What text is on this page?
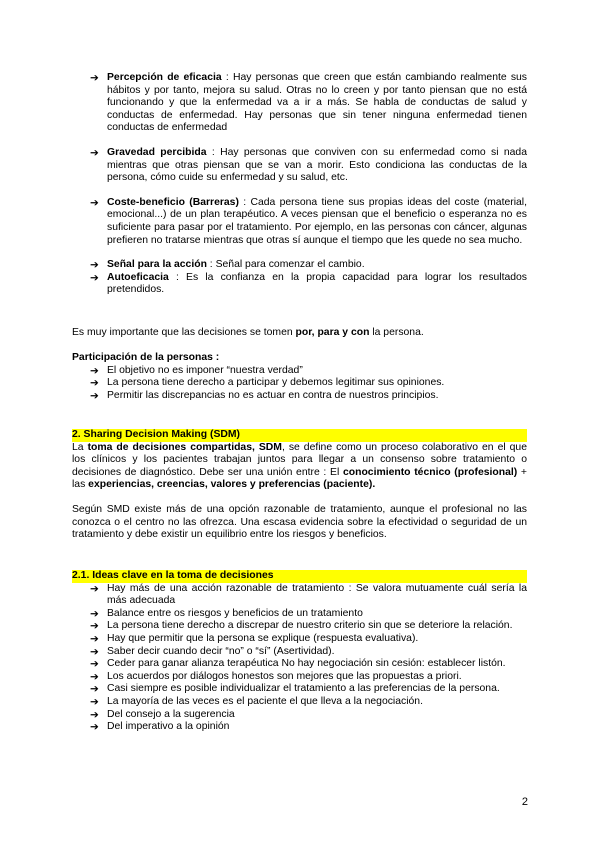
➔
Percepción de eficacia : Hay personas que creen que están cambiando realmente sus hábitos y por tanto, mejora su salud. Otras no lo creen y por tanto piensan que no está funcionando y que la enfermedad va a ir a más. Se habla de conductas de salud y conductas de enfermedad. Hay personas que sin tener ninguna enfermedad tienen conductas de enfermedad
➔
Gravedad percibida : Hay personas que conviven con su enfermedad como si nada mientras que otras piensan que se van a morir. Esto condiciona las conductas de la persona, cómo cuide su enfermedad y su salud, etc.
➔
Coste-beneficio (Barreras) : Cada persona tiene sus propias ideas del coste (material, emocional...) de un plan terapéutico. A veces piensan que el beneficio o esperanza no es suficiente para pasar por el tratamiento. Por ejemplo, en las personas con cáncer, algunas prefieren no tratarse mientras que otras sí aunque el tiempo que les quede no sea mucho.
➔
Señal para la acción : Señal para comenzar el cambio.
➔
Autoeficacia : Es la confianza en la propia capacidad para lograr los resultados pretendidos.
Es muy importante que las decisiones se tomen por, para y con la persona.
Participación de la personas :
➔
El objetivo no es imponer “nuestra verdad”
➔
La persona tiene derecho a participar y debemos legitimar sus opiniones.
➔
Permitir las discrepancias no es actuar en contra de nuestros principios.
2. Sharing Decision Making (SDM)
La toma de decisiones compartidas, SDM, se define como un proceso colaborativo en el que los clínicos y los pacientes trabajan juntos para llegar a un consenso sobre tratamiento o decisiones de diagnóstico. Debe ser una unión entre : El conocimiento técnico (profesional) + las experiencias, creencias, valores y preferencias (paciente).
Según SMD existe más de una opción razonable de tratamiento, aunque el profesional no las conozca o el centro no las ofrezca. Una escasa evidencia sobre la efectividad o seguridad de un tratamiento y debe existir un equilibrio entre los riesgos y beneficios.
2.1. Ideas clave en la toma de decisiones
➔
Hay más de una acción razonable de tratamiento : Se valora mutuamente cuál sería la más adecuada
➔
Balance entre os riesgos y beneficios de un tratamiento
➔
La persona tiene derecho a discrepar de nuestro criterio sin que se deteriore la relación.
➔
Hay que permitir que la persona se explique (respuesta evaluativa).
➔
Saber decir cuando decir “no” o “sí” (Asertividad).
➔
Ceder para ganar alianza terapéutica No hay negociación sin cesión: establecer listón.
➔
Los acuerdos por diálogos honestos son mejores que las propuestas a priori.
➔
Casi siempre es posible individualizar el tratamiento a las preferencias de la persona.
➔
La mayoría de las veces es el paciente el que lleva a la negociación.
➔
Del consejo a la sugerencia
➔
Del imperativo a la opinión
2
